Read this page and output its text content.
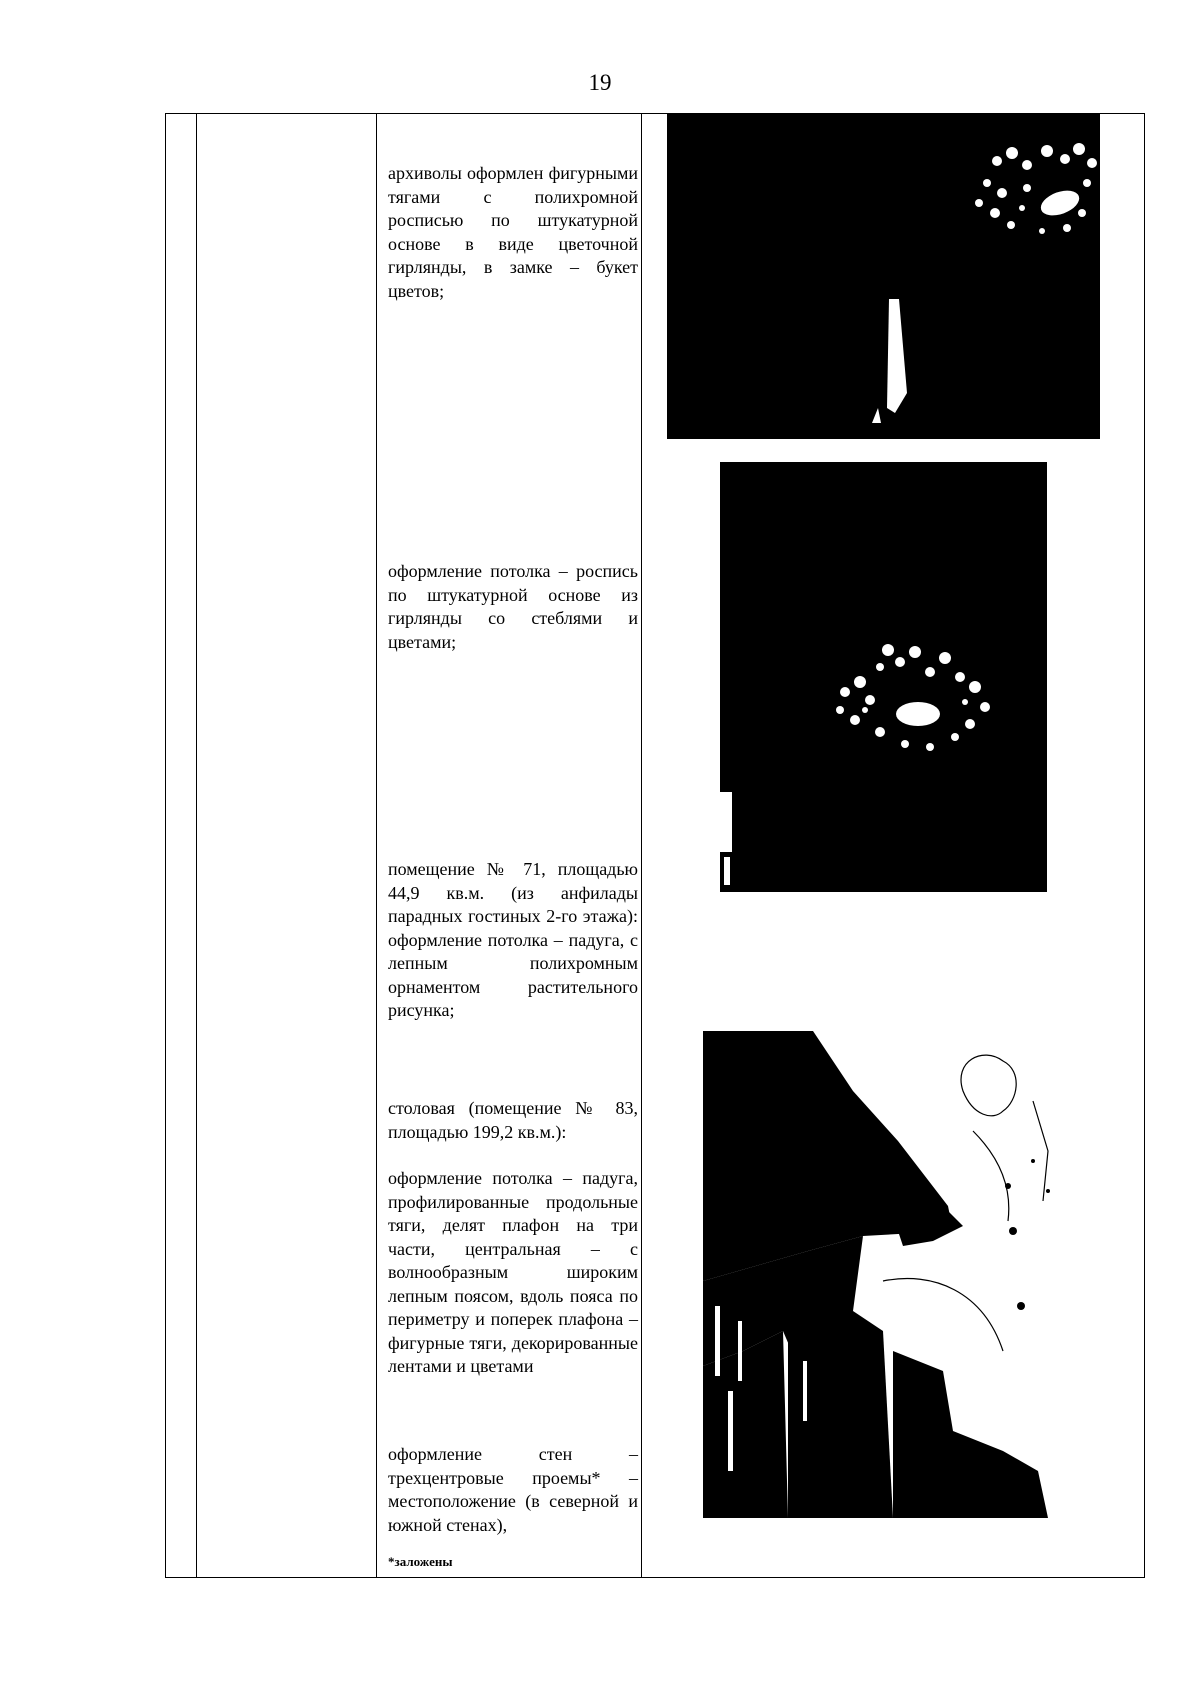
19

архиволы оформлен фигурными тягами с полихромной росписью по штукатурной основе в виде цветочной гирлянды, в замке – букет цветов;

оформление потолка – роспись по штукатурной основе из гирлянды со стеблями и цветами;

помещение № 71, площадью 44,9 кв.м. (из анфилады парадных гостиных 2-го этажа): оформление потолка – падуга, с лепным полихромным орнаментом растительного рисунка;

столовая (помещение № 83, площадью 199,2 кв.м.):

оформление потолка – падуга, профилированные продольные тяги, делят плафон на три части, центральная – с волнообразным широким лепным поясом, вдоль пояса по периметру и поперек плафона – фигурные тяги, декорированные лентами и цветами

оформление стен – трехцентровые проемы* – местоположение (в северной и южной стенах),

*заложены
